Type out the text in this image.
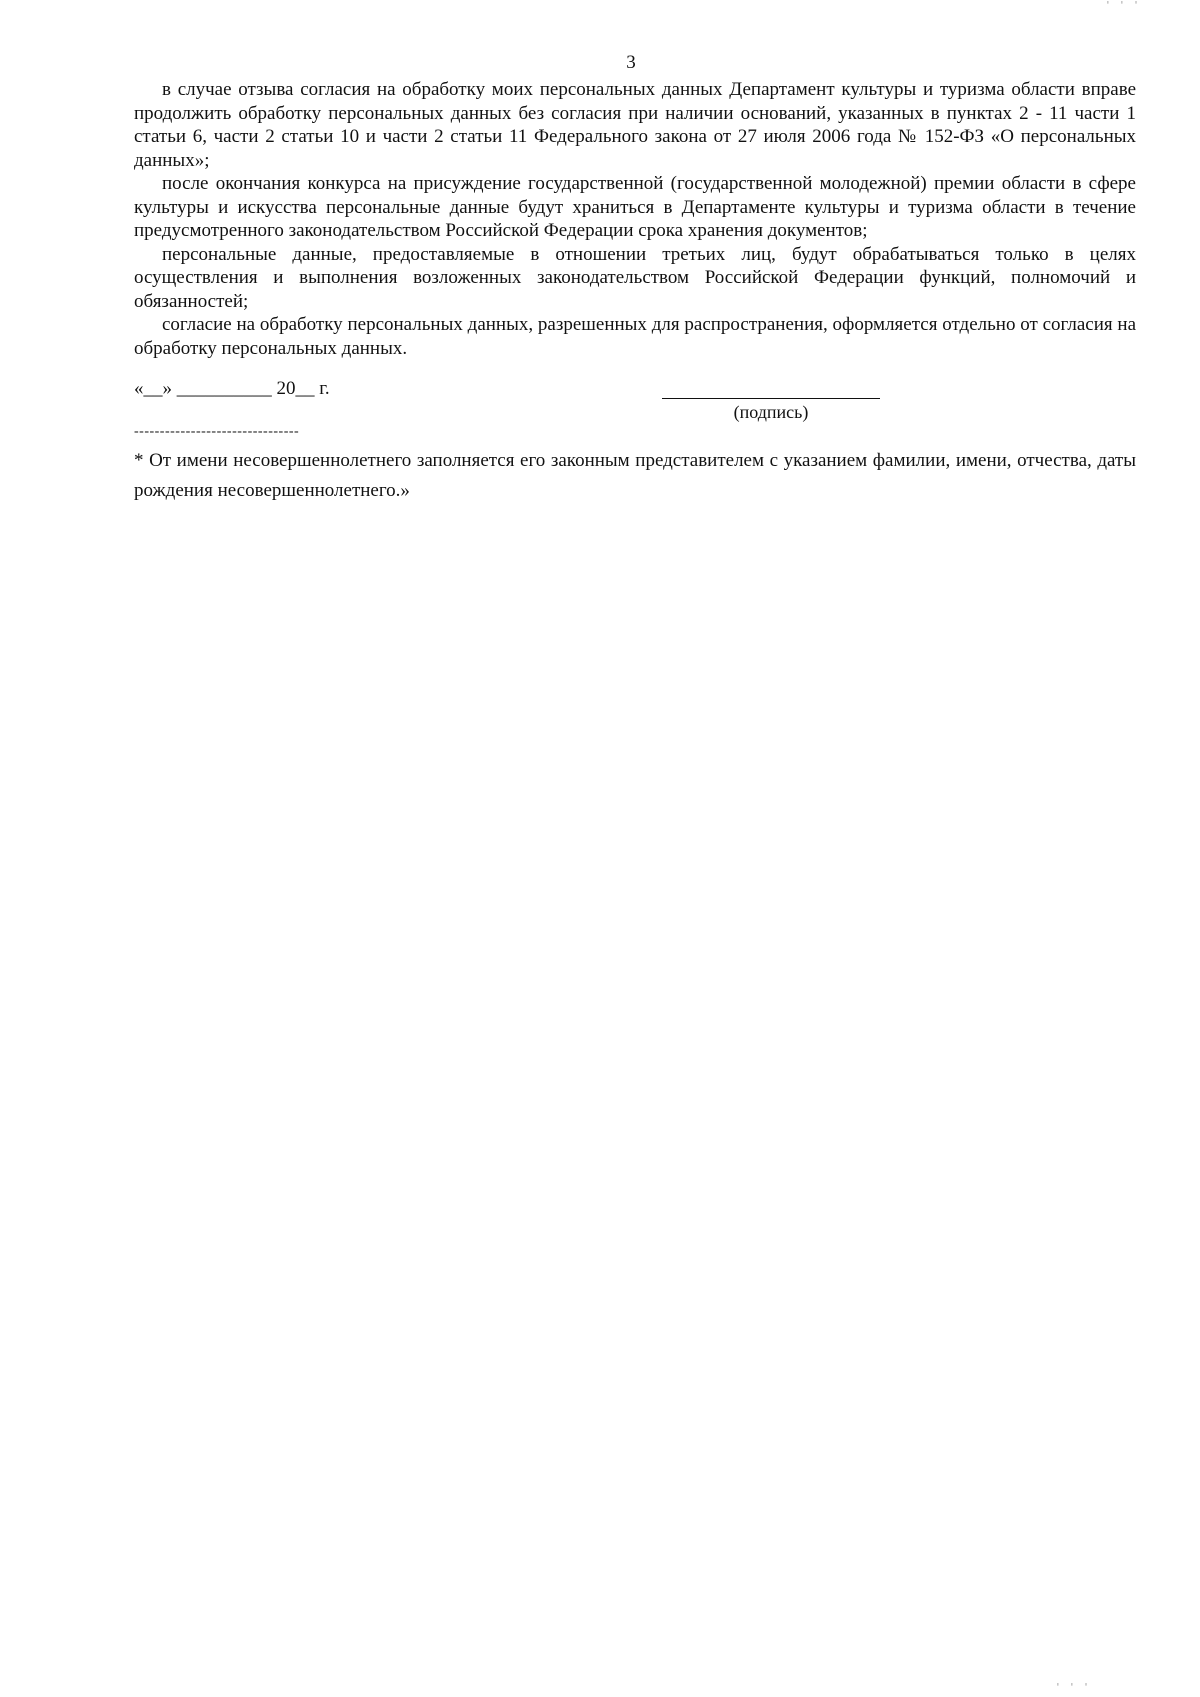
' ' '
3

в случае отзыва согласия на обработку моих персональных данных Департамент культуры и туризма области вправе продолжить обработку персональных данных без согласия при наличии оснований, указанных в пунктах 2 - 11 части 1 статьи 6, части 2 статьи 10 и части 2 статьи 11 Федерального закона от 27 июля 2006 года № 152-ФЗ «О персональных данных»;

после окончания конкурса на присуждение государственной (государственной молодежной) премии области в сфере культуры и искусства персональные данные будут храниться в Департаменте культуры и туризма области в течение предусмотренного законодательством Российской Федерации срока хранения документов;

персональные данные, предоставляемые в отношении третьих лиц, будут обрабатываться только в целях осуществления и выполнения возложенных законодательством Российской Федерации функций, полномочий и обязанностей;

согласие на обработку персональных данных, разрешенных для распространения, оформляется отдельно от согласия на обработку персональных данных.

«__» __________ 20__ г.
(подпись)
--------------------------------
* От имени несовершеннолетнего заполняется его законным представителем с указанием фамилии, имени, отчества, даты рождения несовершеннолетнего.»
' ' '
